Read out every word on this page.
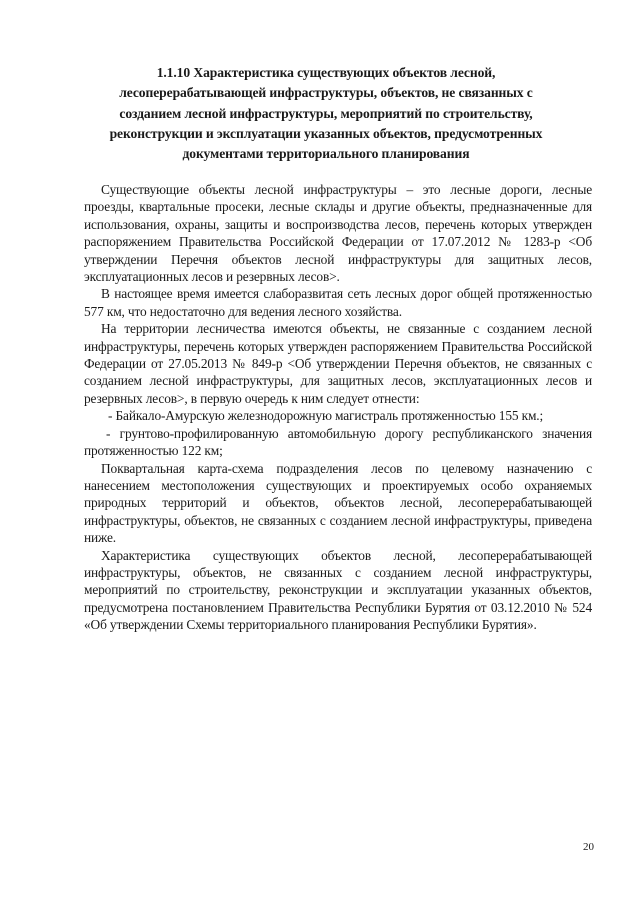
1.1.10 Характеристика существующих объектов лесной, лесоперерабатывающей инфраструктуры, объектов, не связанных с созданием лесной инфраструктуры, мероприятий по строительству, реконструкции и эксплуатации указанных объектов, предусмотренных документами территориального планирования

Существующие объекты лесной инфраструктуры – это лесные дороги, лесные проезды, квартальные просеки, лесные склады и другие объекты, предназначенные для использования, охраны, защиты и воспроизводства лесов, перечень которых утвержден распоряжением Правительства Российской Федерации от 17.07.2012 № 1283-р <Об утверждении Перечня объектов лесной инфраструктуры для защитных лесов, эксплуатационных лесов и резервных лесов>.

В настоящее время имеется слаборазвитая сеть лесных дорог общей протяженностью 577 км, что недостаточно для ведения лесного хозяйства.

На территории лесничества имеются объекты, не связанные с созданием лесной инфраструктуры, перечень которых утвержден распоряжением Правительства Российской Федерации от 27.05.2013 № 849-р <Об утверждении Перечня объектов, не связанных с созданием лесной инфраструктуры, для защитных лесов, эксплуатационных лесов и резервных лесов>, в первую очередь к ним следует отнести:

- Байкало-Амурскую железнодорожную магистраль протяженностью 155 км.;

- грунтово-профилированную автомобильную дорогу республиканского значения протяженностью 122 км;

Поквартальная карта-схема подразделения лесов по целевому назначению с нанесением местоположения существующих и проектируемых особо охраняемых природных территорий и объектов, объектов лесной, лесоперерабатывающей инфраструктуры, объектов, не связанных с созданием лесной инфраструктуры, приведена ниже.

Характеристика существующих объектов лесной, лесоперерабатывающей инфраструктуры, объектов, не связанных с созданием лесной инфраструктуры, мероприятий по строительству, реконструкции и эксплуатации указанных объектов, предусмотрена постановлением Правительства Республики Бурятия от 03.12.2010 № 524 «Об утверждении Схемы территориального планирования Республики Бурятия».

20
